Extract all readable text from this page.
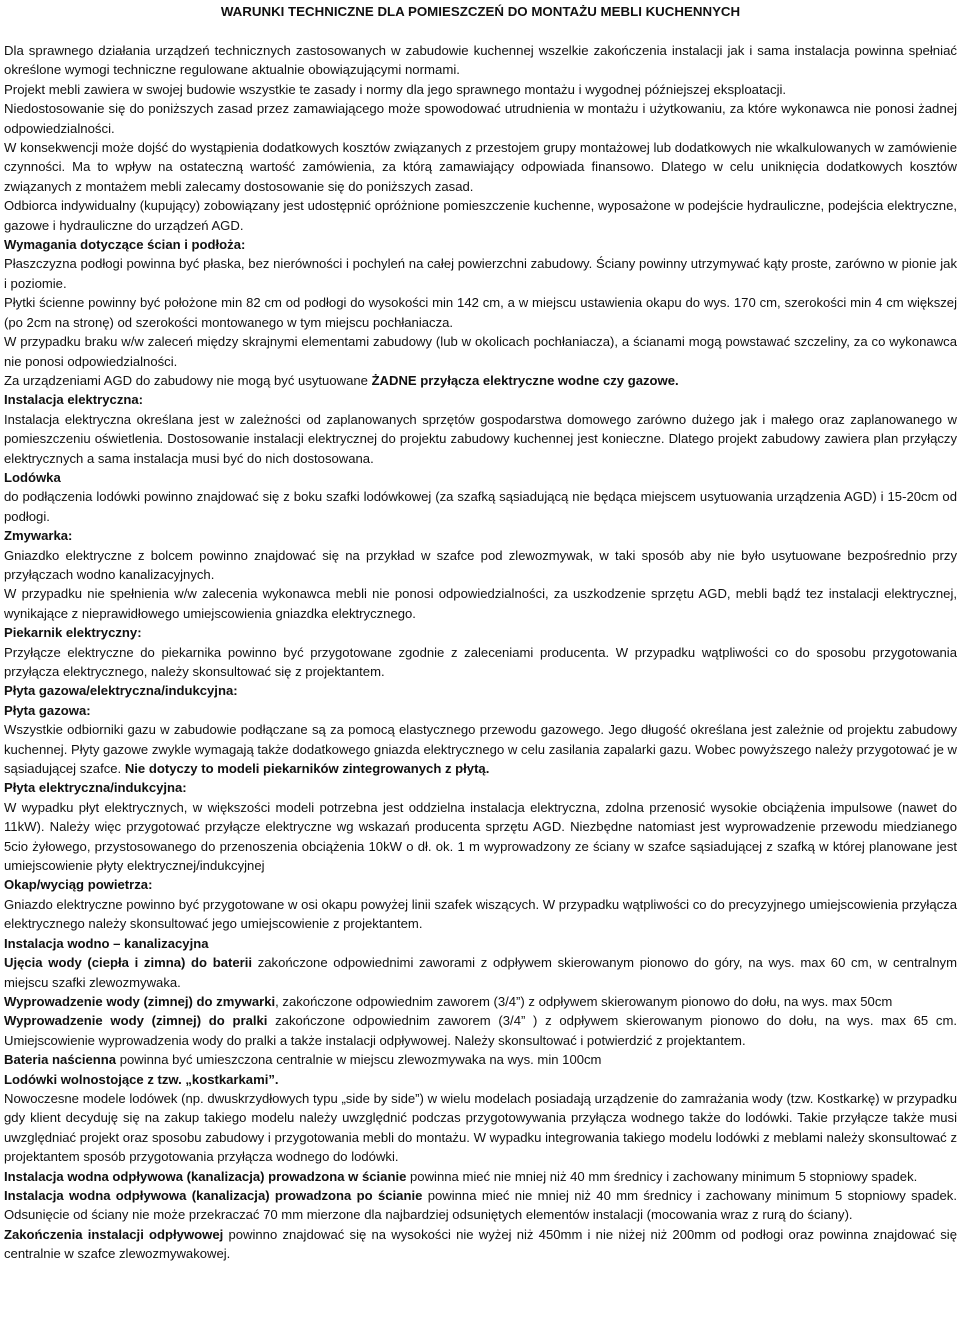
WARUNKI TECHNICZNE DLA POMIESZCZEŃ DO MONTAŻU MEBLI KUCHENNYCH

Dla sprawnego działania urządzeń technicznych zastosowanych w zabudowie kuchennej wszelkie zakończenia instalacji jak i sama instalacja powinna spełniać określone wymogi techniczne regulowane aktualnie obowiązującymi normami.

Projekt mebli zawiera w swojej budowie wszystkie te zasady i normy dla jego sprawnego montażu i wygodnej późniejszej eksploatacji.

Niedostosowanie się do poniższych zasad przez zamawiającego może spowodować utrudnienia w montażu i użytkowaniu, za które wykonawca nie ponosi żadnej odpowiedzialności.

W konsekwencji może dojść do wystąpienia dodatkowych kosztów związanych z przestojem grupy montażowej lub dodatkowych nie wkalkulowanych w zamówienie czynności. Ma to wpływ na ostateczną wartość zamówienia, za którą zamawiający odpowiada finansowo. Dlatego w celu uniknięcia dodatkowych kosztów związanych z montażem mebli zalecamy dostosowanie się do poniższych zasad.

Odbiorca indywidualny (kupujący) zobowiązany jest udostępnić opróżnione pomieszczenie kuchenne, wyposażone w podejście hydrauliczne, podejścia elektryczne, gazowe i hydrauliczne do urządzeń AGD.

Wymagania dotyczące ścian i podłoża:

Płaszczyzna podłogi powinna być płaska, bez nierówności i pochyleń na całej powierzchni zabudowy. Ściany powinny utrzymywać kąty proste, zarówno w pionie jak i poziomie.

Płytki ścienne powinny być położone min 82 cm od podłogi do wysokości min 142 cm, a w miejscu ustawienia okapu do wys. 170 cm, szerokości min 4 cm większej (po 2cm na stronę) od szerokości montowanego w tym miejscu pochłaniacza.

W przypadku braku w/w zaleceń między skrajnymi elementami zabudowy (lub w okolicach pochłaniacza), a ścianami mogą powstawać szczeliny, za co wykonawca nie ponosi odpowiedzialności.

Za urządzeniami AGD do zabudowy nie mogą być usytuowane ŻADNE przyłącza elektryczne wodne czy gazowe.

Instalacja elektryczna:

Instalacja elektryczna określana jest w zależności od zaplanowanych sprzętów gospodarstwa domowego zarówno dużego jak i małego oraz zaplanowanego w pomieszczeniu oświetlenia. Dostosowanie instalacji elektrycznej do projektu zabudowy kuchennej jest konieczne. Dlatego projekt zabudowy zawiera plan przyłączy elektrycznych a sama instalacja musi być do nich dostosowana.

Lodówka

do podłączenia lodówki powinno znajdować się z boku szafki lodówkowej (za szafką sąsiadującą nie będąca miejscem usytuowania urządzenia AGD) i 15-20cm od podłogi.

Zmywarka:

Gniazdko elektryczne z bolcem powinno znajdować się na przykład w szafce pod zlewozmywak, w taki sposób aby nie było usytuowane bezpośrednio przy przyłączach wodno kanalizacyjnych.

W przypadku nie spełnienia w/w zalecenia wykonawca mebli nie ponosi odpowiedzialności, za uszkodzenie sprzętu AGD, mebli bądź tez instalacji elektrycznej, wynikające z nieprawidłowego umiejscowienia gniazdka elektrycznego.

Piekarnik elektryczny:

Przyłącze elektryczne do piekarnika powinno być przygotowane zgodnie z zaleceniami producenta. W przypadku wątpliwości co do sposobu przygotowania przyłącza elektrycznego, należy skonsultować się z projektantem.

Płyta gazowa/elektryczna/indukcyjna:

Płyta gazowa:

Wszystkie odbiorniki gazu w zabudowie podłączane są za pomocą elastycznego przewodu gazowego. Jego długość określana jest zależnie od projektu zabudowy kuchennej. Płyty gazowe zwykle wymagają także dodatkowego gniazda elektrycznego w celu zasilania zapalarki gazu. Wobec powyższego należy przygotować je w sąsiadującej szafce. Nie dotyczy to modeli piekarników zintegrowanych z płytą.

Płyta elektryczna/indukcyjna:

W wypadku płyt elektrycznych, w większości modeli potrzebna jest oddzielna instalacja elektryczna, zdolna przenosić wysokie obciążenia impulsowe (nawet do 11kW). Należy więc przygotować przyłącze elektryczne wg wskazań producenta sprzętu AGD. Niezbędne natomiast jest wyprowadzenie przewodu miedzianego 5cio żyłowego, przystosowanego do przenoszenia obciążenia 10kW o dł. ok. 1 m wyprowadzony ze ściany w szafce sąsiadującej z szafką w której planowane jest umiejscowienie płyty elektrycznej/indukcyjnej

Okap/wyciąg powietrza:

Gniazdo elektryczne powinno być przygotowane w osi okapu powyżej linii szafek wiszących. W przypadku wątpliwości co do precyzyjnego umiejscowienia przyłącza elektrycznego należy skonsultować jego umiejscowienie z projektantem.

Instalacja wodno – kanalizacyjna

Ujęcia wody (ciepła i zimna) do baterii zakończone odpowiednimi zaworami z odpływem skierowanym pionowo do góry, na wys. max 60 cm, w centralnym miejscu szafki zlewozmywaka.

Wyprowadzenie wody (zimnej) do zmywarki, zakończone odpowiednim zaworem (3/4”) z odpływem skierowanym pionowo do dołu, na wys. max 50cm

Wyprowadzenie wody (zimnej) do pralki zakończone odpowiednim zaworem (3/4” ) z odpływem skierowanym pionowo do dołu, na wys. max 65 cm. Umiejscowienie wyprowadzenia wody do pralki a także instalacji odpływowej. Należy skonsultować i potwierdzić z projektantem.

Bateria naścienna powinna być umieszczona centralnie w miejscu zlewozmywaka na wys. min 100cm

Lodówki wolnostojące z tzw. „kostkarkami”.

Nowoczesne modele lodówek (np. dwuskrzydłowych typu „side by side”) w wielu modelach posiadają urządzenie do zamrażania wody (tzw. Kostkarkę) w przypadku gdy klient decyduję się na zakup takiego modelu należy uwzględnić podczas przygotowywania przyłącza wodnego także do lodówki. Takie przyłącze także musi uwzględniać projekt oraz sposobu zabudowy i przygotowania mebli do montażu. W wypadku integrowania takiego modelu lodówki z meblami należy skonsultować z projektantem sposób przygotowania przyłącza wodnego do lodówki.

Instalacja wodna odpływowa (kanalizacja) prowadzona w ścianie powinna mieć nie mniej niż 40 mm średnicy i zachowany minimum 5 stopniowy spadek.

Instalacja wodna odpływowa (kanalizacja) prowadzona po ścianie powinna mieć nie mniej niż 40 mm średnicy i zachowany minimum 5 stopniowy spadek. Odsunięcie od ściany nie może przekraczać 70 mm mierzone dla najbardziej odsuniętych elementów instalacji (mocowania wraz z rurą do ściany).

Zakończenia instalacji odpływowej powinno znajdować się na wysokości nie wyżej niż 450mm i nie niżej niż 200mm od podłogi oraz powinna znajdować się centralnie w szafce zlewozmywakowej.
